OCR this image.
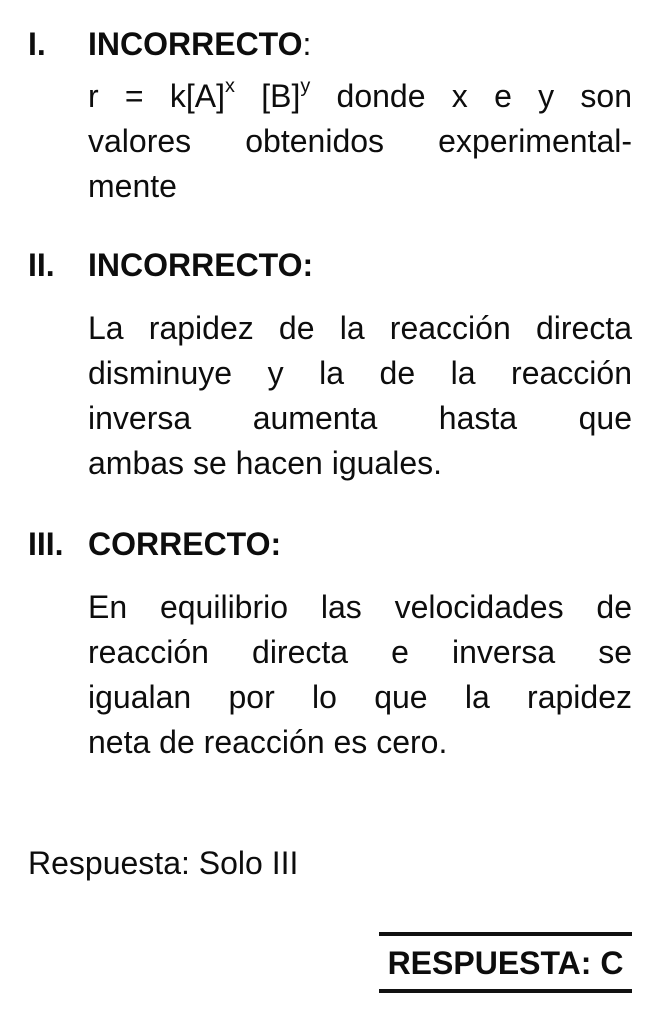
I.	INCORRECTO:
$r = k[A]^x$ $[B]^y$ donde x e y son
valores obtenidos experimental-
mente
II.	INCORRECTO:
La rapidez de la reacción directa
disminuye y la de la reacción
inversa aumenta hasta que
ambas se hacen iguales.
III. CORRECTO:
En equilibrio las velocidades de
reacción directa e inversa se
igualan por lo que la rapidez
neta de reacción es cero.
Respuesta: Solo III
RESPUESTA: C
